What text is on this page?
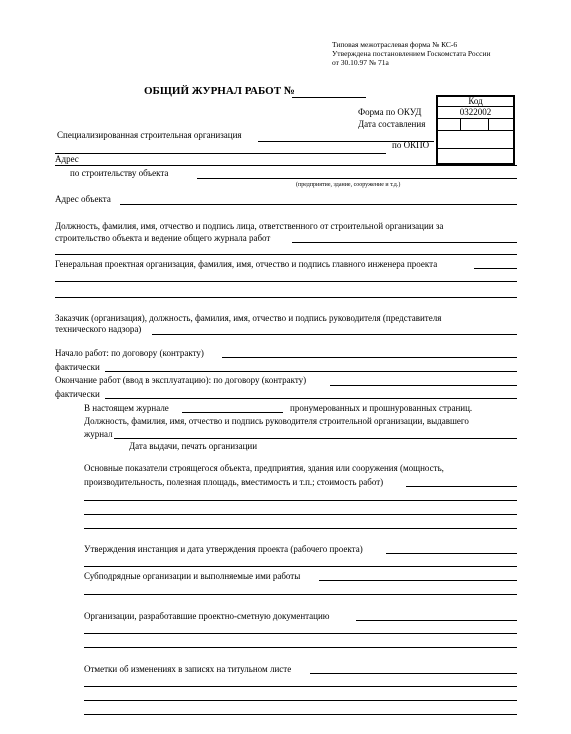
Типовая межотраслевая форма № КС-6
Утверждена постановлением Госкомстата России
от 30.10.97 № 71а
ОБЩИЙ ЖУРНАЛ РАБОТ №
Код
0322002
Форма по ОКУД
Дата составления
по ОКПО
Специализированная строительная организация
Адрес
по строительству объекта
(предприятие, здание, сооружение и т.д.)
Адрес объекта
Должность, фамилия, имя, отчество и подпись лица, ответственного от строительной организации за
строительство объекта и ведение общего журнала работ
Генеральная проектная организация, фамилия, имя, отчество и подпись главного инженера проекта
Заказчик (организация), должность, фамилия, имя, отчество и подпись руководителя (представителя
технического надзора)
Начало работ: по договору (контракту)
фактически
Окончание работ (ввод в эксплуатацию): по договору (контракту)
фактически
В настоящем журнале	пронумерованных и прошнурованных страниц.
Должность, фамилия, имя, отчество и подпись руководителя строительной организации, выдавшего
журнал
Дата выдачи, печать организации
Основные показатели строящегося объекта, предприятия, здания или сооружения (мощность,
производительность, полезная площадь, вместимость и т.п.; стоимость работ)
Утверждения инстанция и дата утверждения проекта (рабочего проекта)
Субподрядные организации и выполняемые ими работы
Организации, разработавшие проектно-сметную документацию
Отметки об изменениях в записях на титульном листе
